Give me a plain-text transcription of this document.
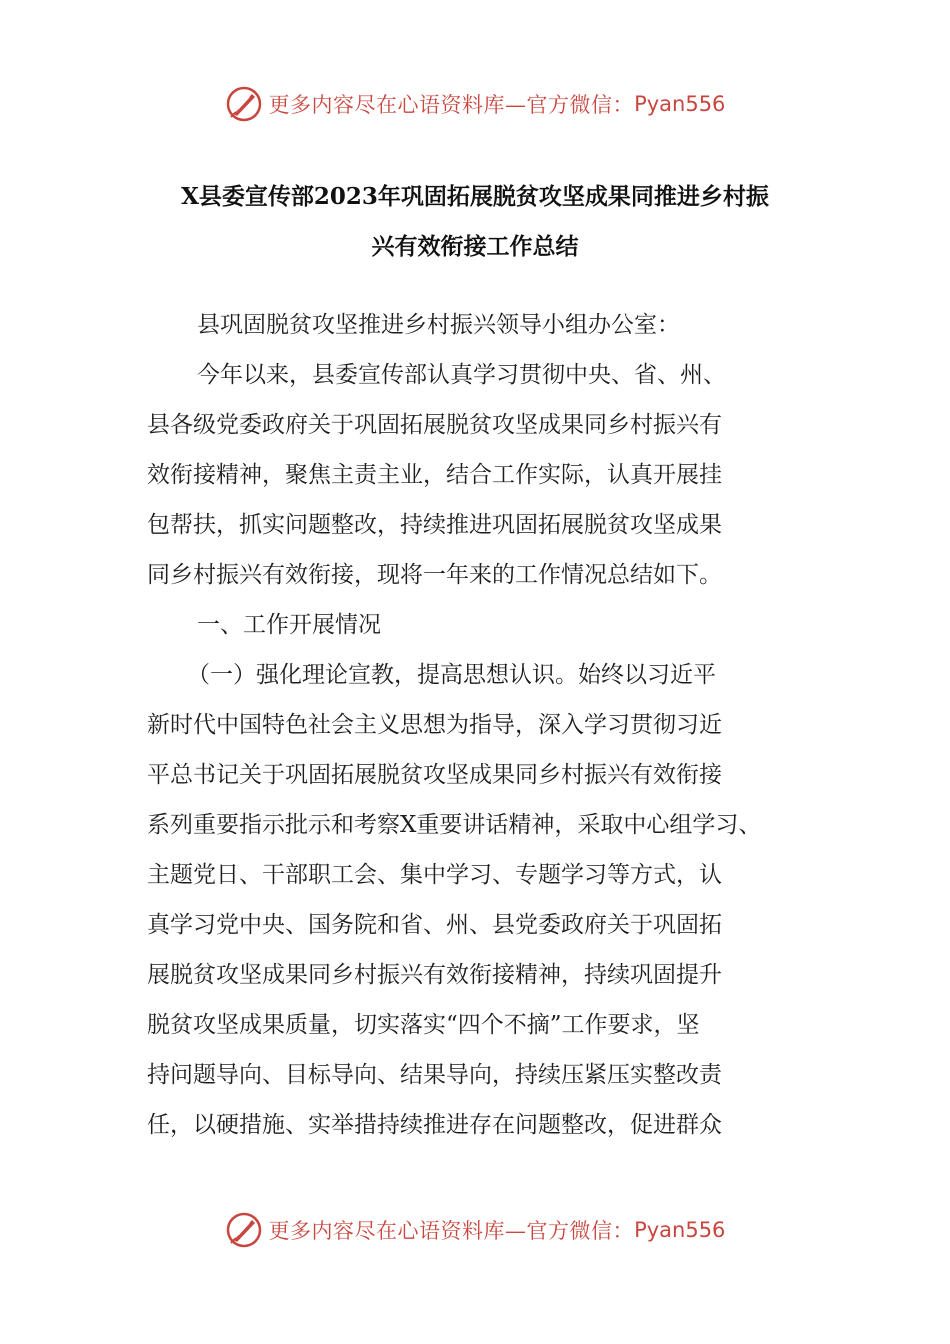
更多内容尽在心语资料库—官方微信： Pyan556
X县委宣传部2023年巩固拓展脱贫攻坚成果同推进乡村振
兴有效衔接工作总结
县巩固脱贫攻坚推进乡村振兴领导小组办公室：
今年以来，县委宣传部认真学习贯彻中央、省、州、
县各级党委政府关于巩固拓展脱贫攻坚成果同乡村振兴有
效衔接精神，聚焦主责主业，结合工作实际，认真开展挂
包帮扶，抓实问题整改，持续推进巩固拓展脱贫攻坚成果
同乡村振兴有效衔接，现将一年来的工作情况总结如下。
一、工作开展情况
（一）强化理论宣教，提高思想认识。始终以习近平
新时代中国特色社会主义思想为指导，深入学习贯彻习近
平总书记关于巩固拓展脱贫攻坚成果同乡村振兴有效衔接
系列重要指示批示和考察X重要讲话精神，采取中心组学习、
主题党日、干部职工会、集中学习、专题学习等方式，认
真学习党中央、国务院和省、州、县党委政府关于巩固拓
展脱贫攻坚成果同乡村振兴有效衔接精神，持续巩固提升
脱贫攻坚成果质量，切实落实“四个不摘”工作要求，坚
持问题导向、目标导向、结果导向，持续压紧压实整改责
任，以硬措施、实举措持续推进存在问题整改，促进群众
更多内容尽在心语资料库—官方微信： Pyan556
